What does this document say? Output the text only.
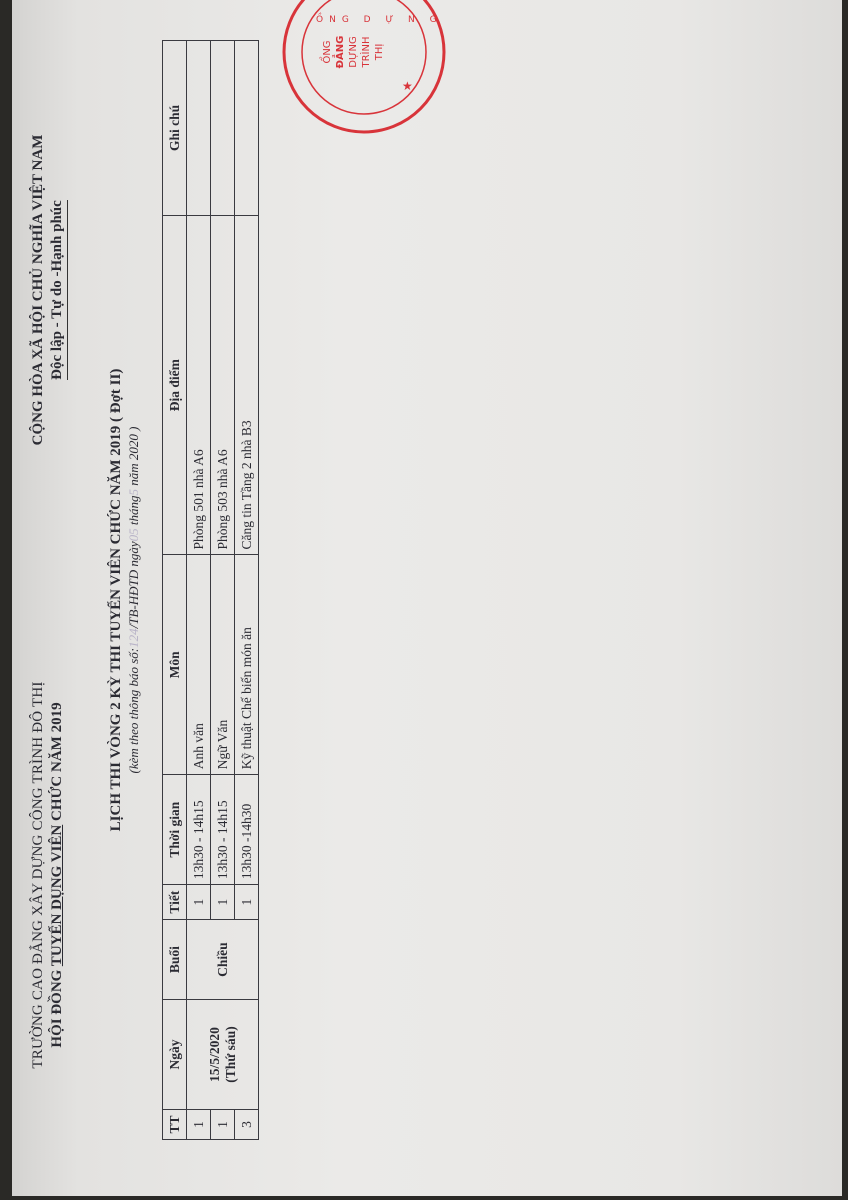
★
ỒNG D Ự N G
ỔNG ĐẲNG DỰNG TRÌNH THỊ
TRƯỜNG CAO ĐẲNG XÂY DỰNG CÔNG TRÌNH ĐÔ THỊ HỘI ĐỒNG TUYỂN DỤNG VIÊN CHỨC NĂM 2019
CỘNG HÒA XÃ HỘI CHỦ NGHĨA VIỆT NAM Độc lập - Tự do -Hạnh phúc
LỊCH THI VÒNG 2 KỲ THI TUYỂN VIÊN CHỨC NĂM 2019 ( Đợt II) (kèm theo thông báo số:124/TB-HĐTD ngày05 tháng5 năm 2020 )
TT	Ngày	Buổi	Tiết	Thời gian	Môn	Địa điểm	Ghi chú
1	15/5/2020 (Thứ sáu)	Chiều	1	13h30 - 14h15	Anh văn	Phòng 501 nhà A6	
1			1	13h30 - 14h15	Ngữ Văn	Phòng 503 nhà A6	
3			1	13h30 -14h30	Kỹ thuật Chế biến món ăn	Căng tin Tầng 2 nhà B3	
